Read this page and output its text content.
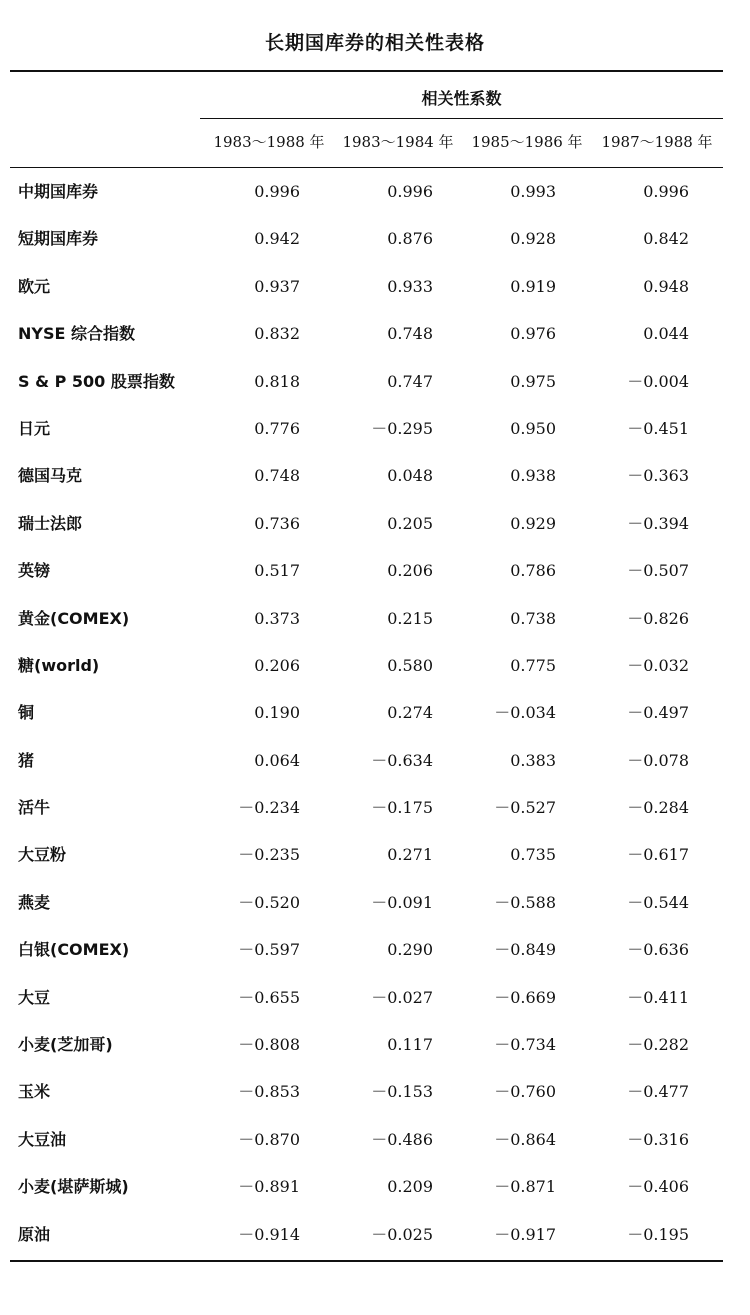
长期国库券的相关性表格
相关性系数
1983～1988 年	1983～1984 年	1985～1986 年	1987～1988 年
中期国库券	0.996	0.996	0.993	0.996
短期国库券	0.942	0.876	0.928	0.842
欧元	0.937	0.933	0.919	0.948
NYSE 综合指数	0.832	0.748	0.976	0.044
S & P 500 股票指数	0.818	0.747	0.975	－0.004
日元	0.776	－0.295	0.950	－0.451
德国马克	0.748	0.048	0.938	－0.363
瑞士法郎	0.736	0.205	0.929	－0.394
英镑	0.517	0.206	0.786	－0.507
黄金(COMEX)	0.373	0.215	0.738	－0.826
糖(world)	0.206	0.580	0.775	－0.032
铜	0.190	0.274	－0.034	－0.497
猪	0.064	－0.634	0.383	－0.078
活牛	－0.234	－0.175	－0.527	－0.284
大豆粉	－0.235	0.271	0.735	－0.617
燕麦	－0.520	－0.091	－0.588	－0.544
白银(COMEX)	－0.597	0.290	－0.849	－0.636
大豆	－0.655	－0.027	－0.669	－0.411
小麦(芝加哥)	－0.808	0.117	－0.734	－0.282
玉米	－0.853	－0.153	－0.760	－0.477
大豆油	－0.870	－0.486	－0.864	－0.316
小麦(堪萨斯城)	－0.891	0.209	－0.871	－0.406
原油	－0.914	－0.025	－0.917	－0.195
